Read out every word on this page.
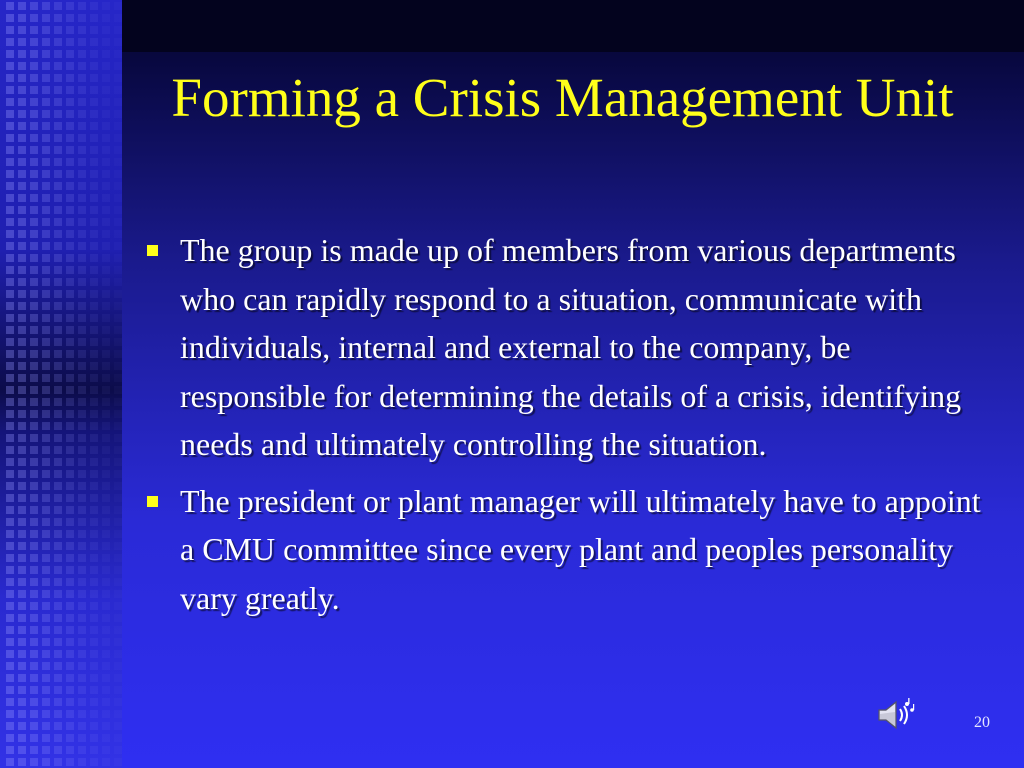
Forming a Crisis Management Unit
The group is made up of members from various departments who can rapidly respond to a situation, communicate with individuals, internal and external to the company, be responsible for determining the details of a crisis, identifying needs and ultimately controlling the situation.
The president or plant manager will ultimately have to appoint a CMU committee since every plant and peoples personality vary greatly.
20
